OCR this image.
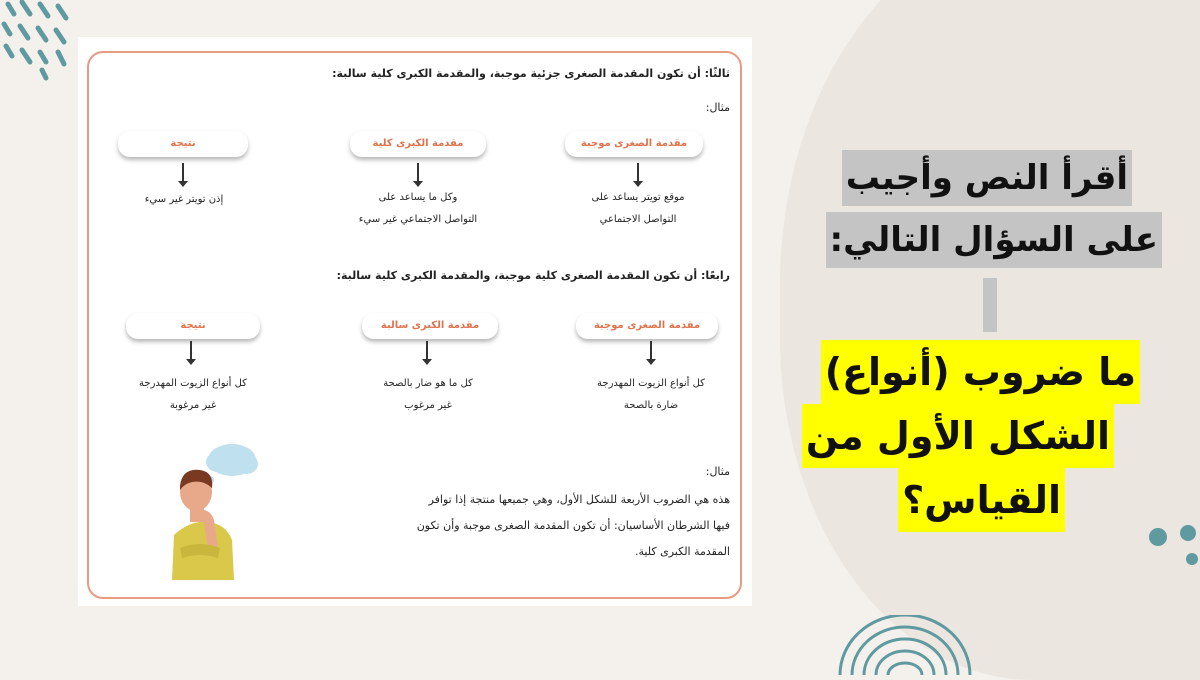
ثالثًا: أن تكون المقدمة الصغرى جزئية موجبة، والمقدمة الكبرى كلية سالبة:
مثال:
مقدمة الصغرى موجبة
مقدمة الكبرى كلية
نتيجة
موقع تويتر يساعد على
التواصل الاجتماعي
وكل ما يساعد على
التواصل الاجتماعي غير سيء
إذن تويتر غير سيء
رابعًا: أن تكون المقدمة الصغرى كلية موجبة، والمقدمة الكبرى كلية سالبة:
مقدمة الصغرى موجبة
مقدمة الكبرى سالبة
نتيجة
كل أنواع الزيوت المهدرجة
ضارة بالصحة
كل ما هو ضار بالصحة
غير مرغوب
كل أنواع الزيوت المهدرجة
غير مرغوبة
مثال:
هذه هي الضروب الأربعة للشكل الأول، وهي جميعها منتجة إذا توافر
فيها الشرطان الأساسيان: أن تكون المقدمة الصغرى موجبة وأن تكون
المقدمة الكبرى كلية.
أقرأ النص وأجيب
على السؤال التالي:
ما ضروب (أنواع)
الشكل الأول من
القياس؟
